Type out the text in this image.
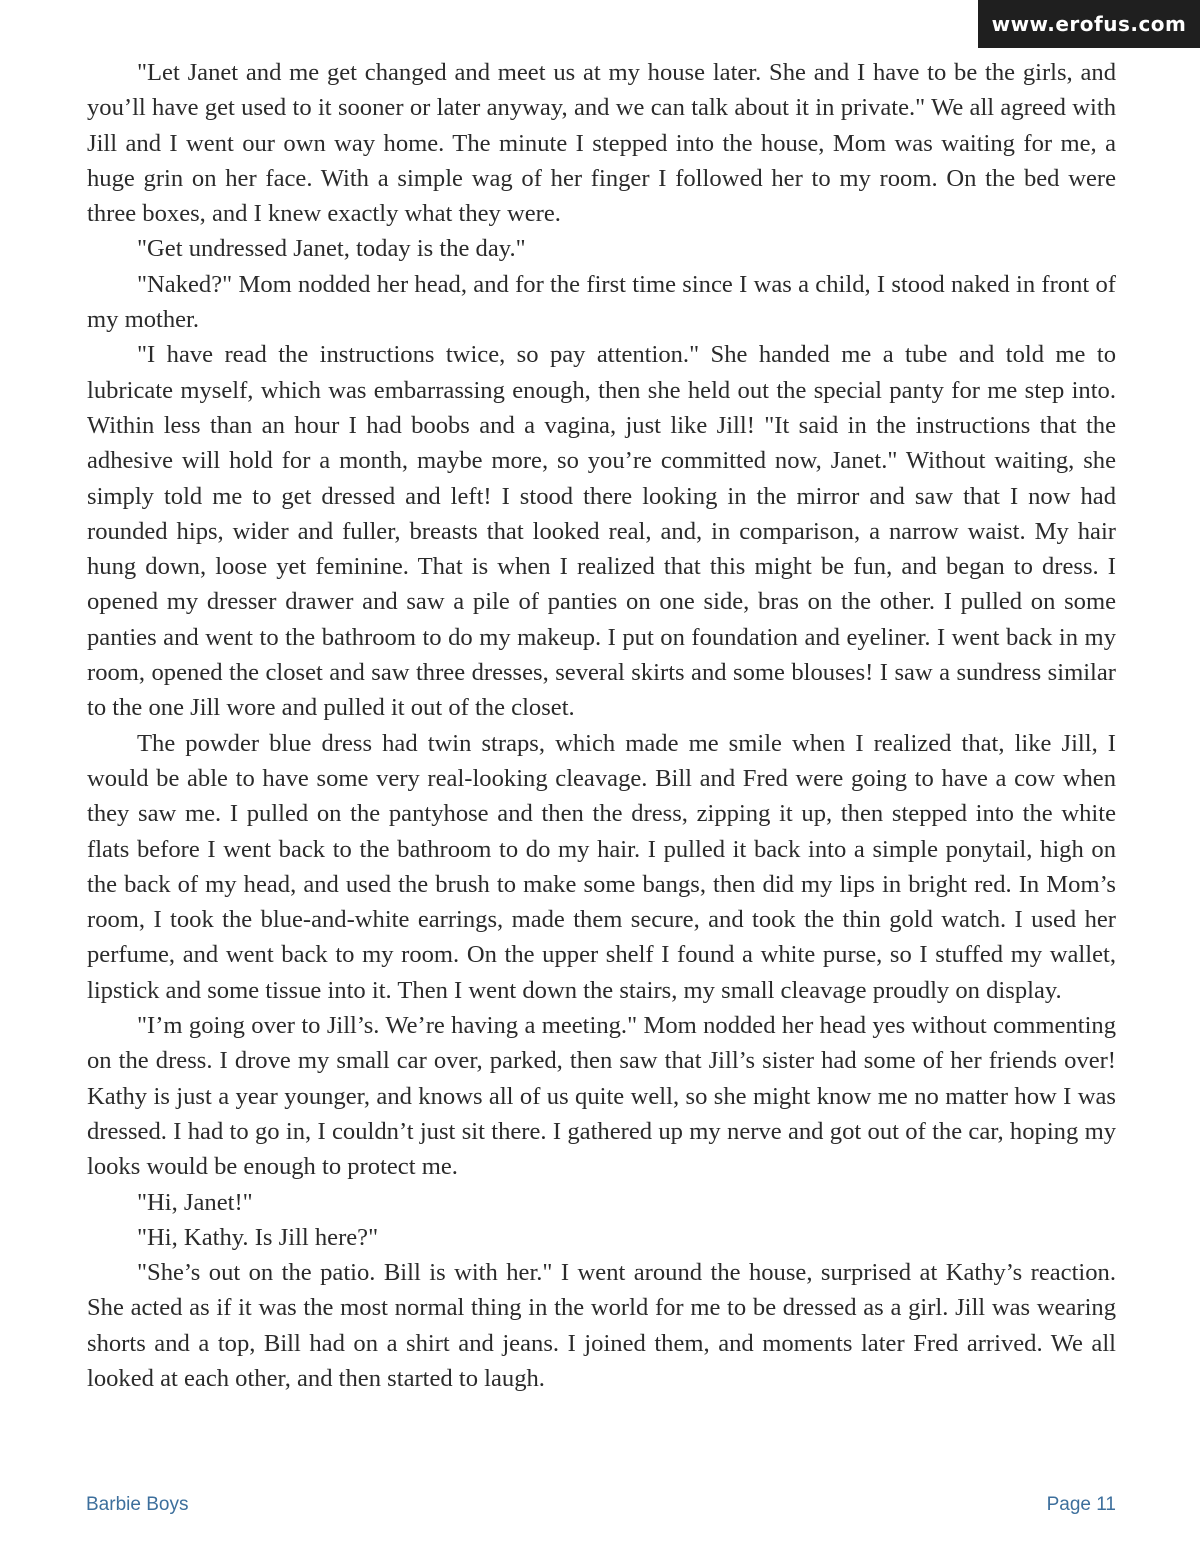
www.erofus.com

"Let Janet and me get changed and meet us at my house later. She and I have to be the girls, and you’ll have get used to it sooner or later anyway, and we can talk about it in private." We all agreed with Jill and I went our own way home. The minute I stepped into the house, Mom was waiting for me, a huge grin on her face. With a simple wag of her finger I followed her to my room. On the bed were three boxes, and I knew exactly what they were.

"Get undressed Janet, today is the day."

"Naked?" Mom nodded her head, and for the first time since I was a child, I stood naked in front of my mother.

"I have read the instructions twice, so pay attention." She handed me a tube and told me to lubricate myself, which was embarrassing enough, then she held out the special panty for me step into. Within less than an hour I had boobs and a vagina, just like Jill! "It said in the instructions that the adhesive will hold for a month, maybe more, so you’re committed now, Janet." Without waiting, she simply told me to get dressed and left! I stood there looking in the mirror and saw that I now had rounded hips, wider and fuller, breasts that looked real, and, in comparison, a narrow waist. My hair hung down, loose yet feminine. That is when I realized that this might be fun, and began to dress. I opened my dresser drawer and saw a pile of panties on one side, bras on the other. I pulled on some panties and went to the bathroom to do my makeup. I put on foundation and eyeliner. I went back in my room, opened the closet and saw three dresses, several skirts and some blouses! I saw a sundress similar to the one Jill wore and pulled it out of the closet.

The powder blue dress had twin straps, which made me smile when I realized that, like Jill, I would be able to have some very real-looking cleavage. Bill and Fred were going to have a cow when they saw me. I pulled on the pantyhose and then the dress, zipping it up, then stepped into the white flats before I went back to the bathroom to do my hair. I pulled it back into a simple ponytail, high on the back of my head, and used the brush to make some bangs, then did my lips in bright red. In Mom’s room, I took the blue-and-white earrings, made them secure, and took the thin gold watch. I used her perfume, and went back to my room. On the upper shelf I found a white purse, so I stuffed my wallet, lipstick and some tissue into it. Then I went down the stairs, my small cleavage proudly on display.

"I’m going over to Jill’s. We’re having a meeting." Mom nodded her head yes without commenting on the dress. I drove my small car over, parked, then saw that Jill’s sister had some of her friends over! Kathy is just a year younger, and knows all of us quite well, so she might know me no matter how I was dressed. I had to go in, I couldn’t just sit there. I gathered up my nerve and got out of the car, hoping my looks would be enough to protect me.

"Hi, Janet!"

"Hi, Kathy. Is Jill here?"

"She’s out on the patio. Bill is with her." I went around the house, surprised at Kathy’s reaction. She acted as if it was the most normal thing in the world for me to be dressed as a girl. Jill was wearing shorts and a top, Bill had on a shirt and jeans. I joined them, and moments later Fred arrived. We all looked at each other, and then started to laugh.

Barbie Boys	Page 11
